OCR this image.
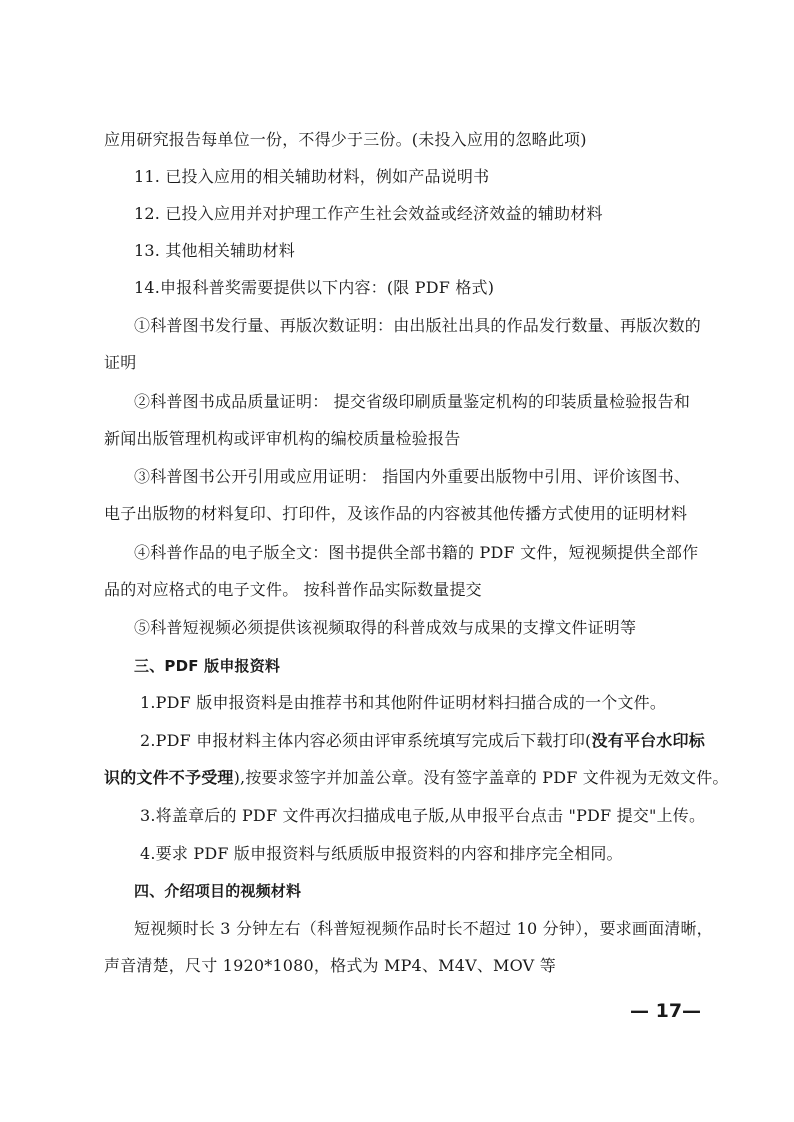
应用研究报告每单位一份，不得少于三份。(未投入应用的忽略此项)
11. 已投入应用的相关辅助材料，例如产品说明书
12. 已投入应用并对护理工作产生社会效益或经济效益的辅助材料
13. 其他相关辅助材料
14.申报科普奖需要提供以下内容：(限 PDF 格式)
①科普图书发行量、再版次数证明：由出版社出具的作品发行数量、再版次数的
证明
②科普图书成品质量证明： 提交省级印刷质量鉴定机构的印装质量检验报告和
新闻出版管理机构或评审机构的编校质量检验报告
③科普图书公开引用或应用证明： 指国内外重要出版物中引用、评价该图书、
电子出版物的材料复印、打印件，及该作品的内容被其他传播方式使用的证明材料
④科普作品的电子版全文：图书提供全部书籍的 PDF 文件，短视频提供全部作
品的对应格式的电子文件。 按科普作品实际数量提交
⑤科普短视频必须提供该视频取得的科普成效与成果的支撑文件证明等
三、PDF 版申报资料
1.PDF 版申报资料是由推荐书和其他附件证明材料扫描合成的一个文件。
2.PDF 申报材料主体内容必须由评审系统填写完成后下载打印(没有平台水印标
识的文件不予受理),按要求签字并加盖公章。没有签字盖章的 PDF 文件视为无效文件。
3.将盖章后的 PDF 文件再次扫描成电子版,从申报平台点击 "PDF 提交"上传。
4.要求 PDF 版申报资料与纸质版申报资料的内容和排序完全相同。
四、介绍项目的视频材料
短视频时长 3 分钟左右（科普短视频作品时长不超过 10 分钟），要求画面清晰，
声音清楚，尺寸 1920*1080，格式为 MP4、M4V、MOV 等
— 17—
